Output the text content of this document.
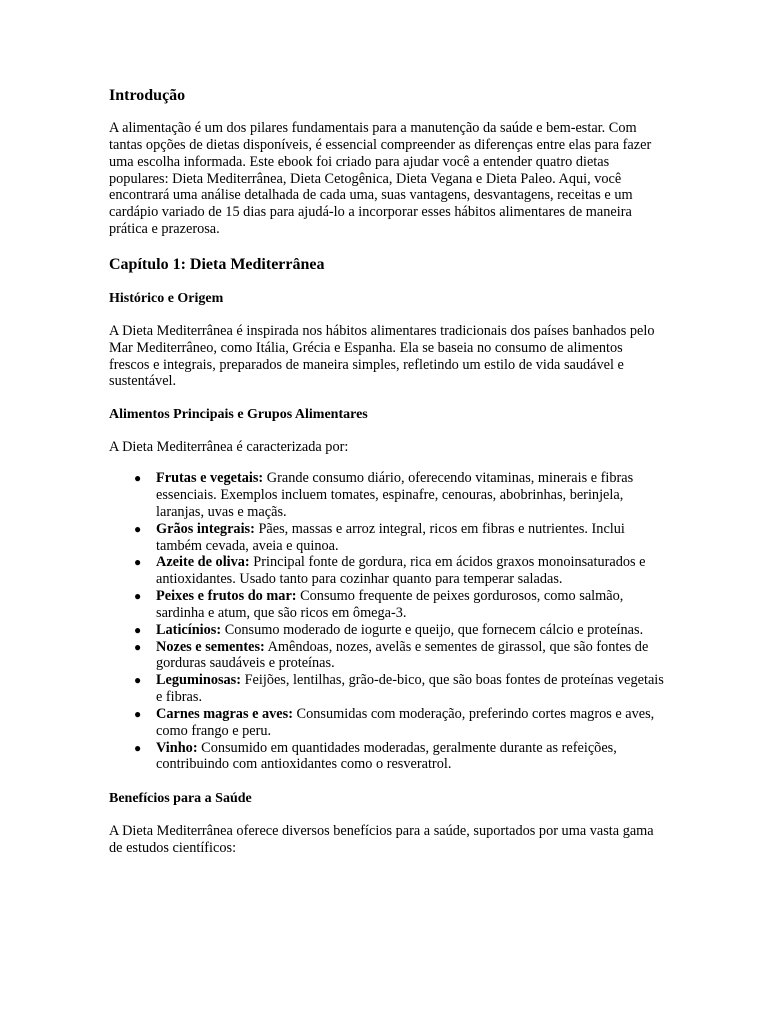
Introdução

A alimentação é um dos pilares fundamentais para a manutenção da saúde e bem-estar. Com tantas opções de dietas disponíveis, é essencial compreender as diferenças entre elas para fazer uma escolha informada. Este ebook foi criado para ajudar você a entender quatro dietas populares: Dieta Mediterrânea, Dieta Cetogênica, Dieta Vegana e Dieta Paleo. Aqui, você encontrará uma análise detalhada de cada uma, suas vantagens, desvantagens, receitas e um cardápio variado de 15 dias para ajudá-lo a incorporar esses hábitos alimentares de maneira prática e prazerosa.

Capítulo 1: Dieta Mediterrânea
Histórico e Origem

A Dieta Mediterrânea é inspirada nos hábitos alimentares tradicionais dos países banhados pelo Mar Mediterrâneo, como Itália, Grécia e Espanha. Ela se baseia no consumo de alimentos frescos e integrais, preparados de maneira simples, refletindo um estilo de vida saudável e sustentável.

Alimentos Principais e Grupos Alimentares

A Dieta Mediterrânea é caracterizada por:

● Frutas e vegetais: Grande consumo diário, oferecendo vitaminas, minerais e fibras essenciais. Exemplos incluem tomates, espinafre, cenouras, abobrinhas, berinjela, laranjas, uvas e maçãs.
● Grãos integrais: Pães, massas e arroz integral, ricos em fibras e nutrientes. Inclui também cevada, aveia e quinoa.
● Azeite de oliva: Principal fonte de gordura, rica em ácidos graxos monoinsaturados e antioxidantes. Usado tanto para cozinhar quanto para temperar saladas.
● Peixes e frutos do mar: Consumo frequente de peixes gordurosos, como salmão, sardinha e atum, que são ricos em ômega-3.
● Laticínios: Consumo moderado de iogurte e queijo, que fornecem cálcio e proteínas.
● Nozes e sementes: Amêndoas, nozes, avelãs e sementes de girassol, que são fontes de gorduras saudáveis e proteínas.
● Leguminosas: Feijões, lentilhas, grão-de-bico, que são boas fontes de proteínas vegetais e fibras.
● Carnes magras e aves: Consumidas com moderação, preferindo cortes magros e aves, como frango e peru.
● Vinho: Consumido em quantidades moderadas, geralmente durante as refeições, contribuindo com antioxidantes como o resveratrol.
Benefícios para a Saúde

A Dieta Mediterrânea oferece diversos benefícios para a saúde, suportados por uma vasta gama de estudos científicos:
